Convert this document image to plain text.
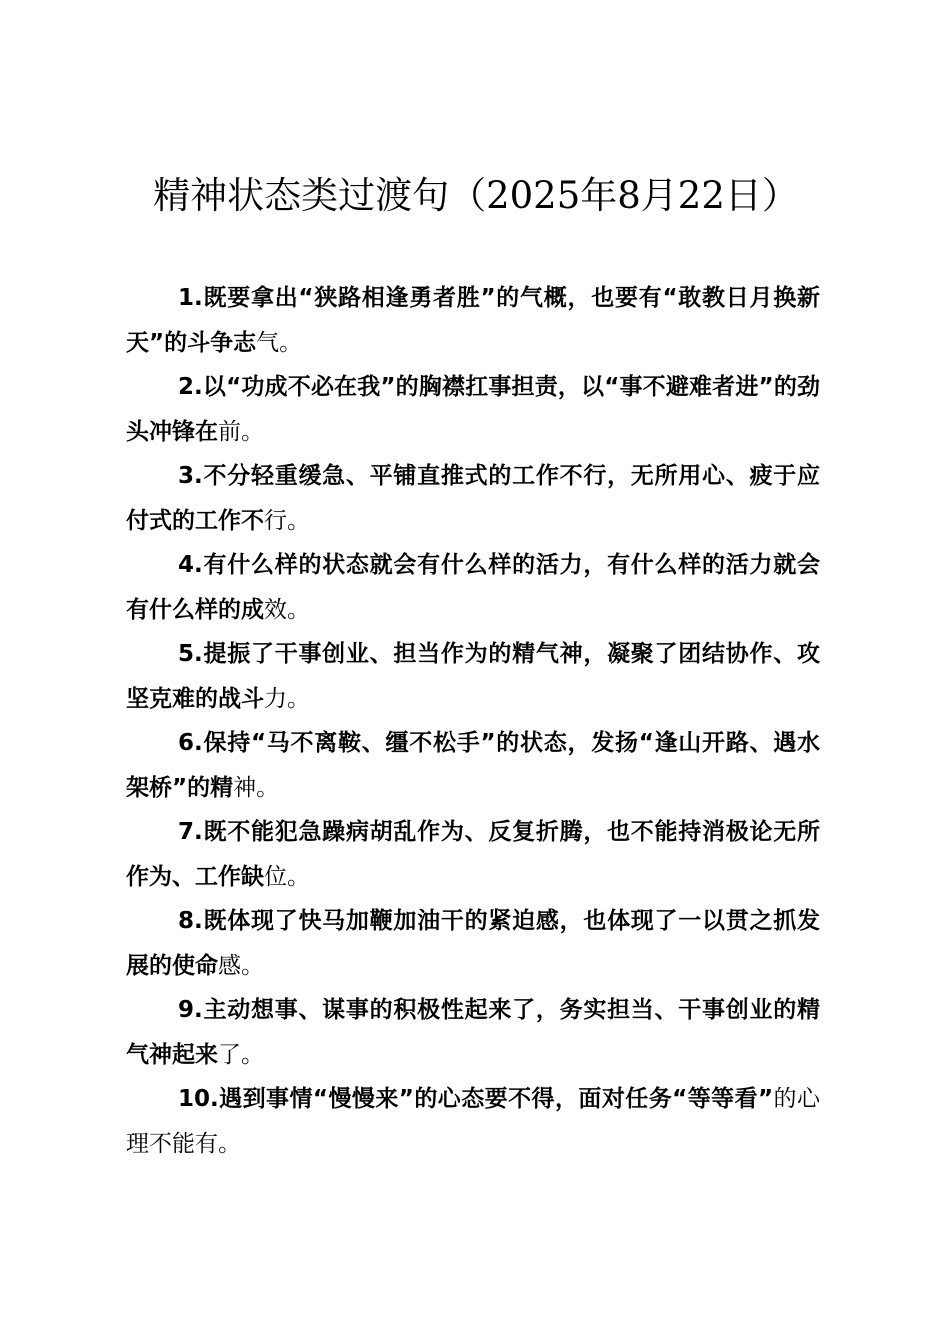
精神状态类过渡句（2025年8月22日）

1.既要拿出“狭路相逢勇者胜”的气概，也要有“敢教日月换新天”的斗争志气。

2.以“功成不必在我”的胸襟扛事担责，以“事不避难者进”的劲头冲锋在前。

3.不分轻重缓急、平铺直推式的工作不行，无所用心、疲于应付式的工作不行。

4.有什么样的状态就会有什么样的活力，有什么样的活力就会有什么样的成效。

5.提振了干事创业、担当作为的精气神，凝聚了团结协作、攻坚克难的战斗力。

6.保持“马不离鞍、缰不松手”的状态，发扬“逢山开路、遇水架桥”的精神。

7.既不能犯急躁病胡乱作为、反复折腾，也不能持消极论无所作为、工作缺位。

8.既体现了快马加鞭加油干的紧迫感，也体现了一以贯之抓发展的使命感。

9.主动想事、谋事的积极性起来了，务实担当、干事创业的精气神起来了。

10.遇到事情“慢慢来”的心态要不得，面对任务“等等看”的心理不能有。
